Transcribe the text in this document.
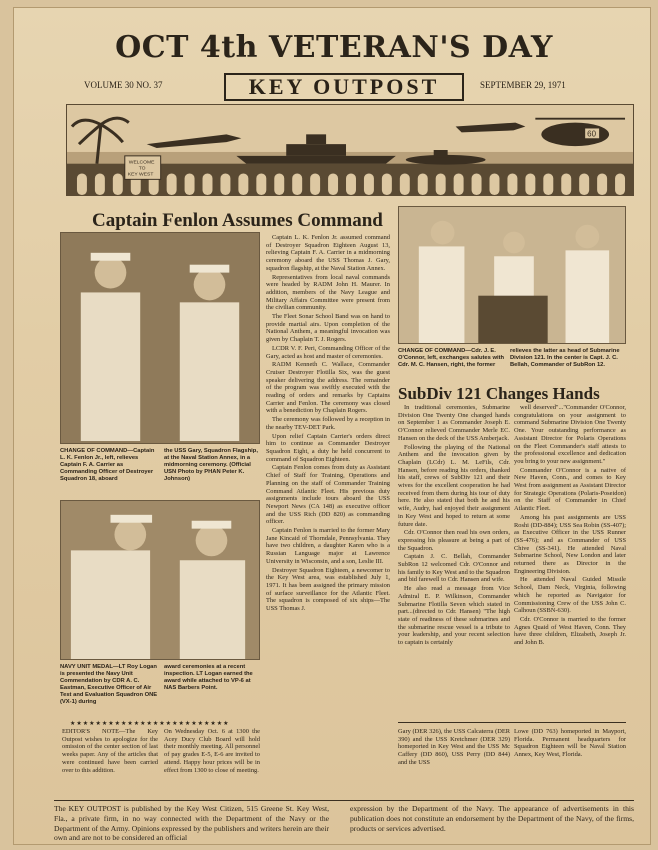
OCT 4th VETERAN'S DAY
VOLUME 30 NO. 37	KEY OUTPOST	SEPTEMBER 29, 1971
60
WELCOME
TO
KEY WEST
Captain Fenlon Assumes Command
CHANGE OF COMMAND—Captain L. K. Fenlon Jr., left, relieves Captain F. A. Carrier as Commanding Officer of Destroyer Squadron 18, aboard
the USS Gary, Squadron Flagship, at the Naval Station Annex, in a midmorning ceremony. (Official USN Photo by PHAN Peter K. Johnson)
NAVY UNIT MEDAL—LT Roy Logan is presented the Navy Unit Commendation by CDR A. C. Eastman, Executive Officer of Air Test and Evaluation Squadron ONE (VX-1) during
award ceremonies at a recent inspection. LT Logan earned the award while attached to VP-6 at NAS Barbers Point.
★★★★★★★★★★★★★★★★★★★★★★★★★
EDITOR'S NOTE—The Key Outpost wishes to apologize for the omission of the center section of last weeks paper. Any of the articles that were continued have been carried over to this addition.
On Wednesday Oct. 6 at 1300 the Acey Ducy Club Board will hold their monthly meeting. All personnel of pay grades E-5, E-6 are invited to attend. Happy hour prices will be in effect from 1300 to close of meeting.

Captain L. K. Fenlon Jr. assumed command of Destroyer Squadron Eighteen August 13, relieving Captain F. A. Carrier in a midmorning ceremony aboard the USS Thomas J. Gary, squadron flagship, at the Naval Station Annex.

Representatives from local naval commands were headed by RADM John H. Maurer. In addition, members of the Navy League and Military Affairs Committee were present from the civilian community.

The Fleet Sonar School Band was on hand to provide martial airs. Upon completion of the National Anthem, a meaningful invocation was given by Chaplain T. J. Rogers.

LCDR V. F. Peri, Commanding Officer of the Gary, acted as host and master of ceremonies.

RADM Kenneth C. Wallace, Commander Cruiser Destroyer Flotilla Six, was the guest speaker delivering the address. The remainder of the program was swiftly executed with the reading of orders and remarks by Captains Carrier and Fenlon. The ceremony was closed with a benediction by Chaplain Rogers.

The ceremony was followed by a reception in the nearby TEV-DET Park.

Upon relief Captain Carrier's orders direct him to continue as Commander Destroyer Squadron Eight, a duty he held concurrent to command of Squadron Eighteen.

Captain Fenlon comes from duty as Assistant Chief of Staff for Training, Operations and Planning on the staff of Commander Training Command Atlantic Fleet. His previous duty assignments include tours aboard the USS Newport News (CA 148) as executive officer and the USS Rich (DD 820) as commanding officer.

Captain Fenlon is married to the former Mary Jane Kincaid of Thorndale, Pennsylvania. They have two children, a daughter Karen who is a Russian Language major at Lawrence University in Wisconsin, and a son, Leslie III.

Destroyer Squadron Eighteen, a newcomer to the Key West area, was established July 1, 1971. It has been assigned the primary mission of surface surveillance for the Atlantic Fleet. The squadron is composed of six ships—The USS Thomas J.

CHANGE OF COMMAND—Cdr. J. E. O'Connor, left, exchanges salutes with Cdr. M. C. Hansen, right, the former
relieves the latter as head of Submarine Division 121. In the center is Capt. J. C. Bellah, Commander of SubRon 12.
SubDiv 121 Changes Hands

In traditional ceremonies, Submarine Division One Twenty One changed hands on September 1 as Commander Joseph E. O'Connor relieved Commander Merle EC. Hansen on the deck of the USS Amberjack.

Following the playing of the National Anthem and the invocation given by Chaplain (LCdr) L. M. LeFils, Cdr. Hansen, before reading his orders, thanked his staff, crews of SubDiv 121 and their wives for the excellent cooperation he had received from them during his tour of duty here. He also stated that both he and his wife, Audry, had enjoyed their assignment in Key West and hoped to return at some future date.

Cdr. O'Connor then read his own orders, expressing his pleasure at being a part of the Squadron.

Captain J. C. Bellah, Commander SubRon 12 welcomed Cdr. O'Connor and his family to Key West and to the Squadron and bid farewell to Cdr. Hansen and wife.

He also read a message from Vice Admiral E. P. Wilkinson, Commander Submarine Flotilla Seven which stated in part...(directed to Cdr. Hansen) "The high state of readiness of these submarines and the submarine rescue vessel is a tribute to your leadership, and your recent selection to captain is certainly

well deserved"..."Commander O'Connor, congratulations on your assignment to command Submarine Division One Twenty One. Your outstanding performance as Assistant Director for Polaris Operations on the Fleet Commander's staff attests to the professional excellence and dedication you bring to your new assignment."

Commander O'Connor is a native of New Haven, Conn., and comes to Key West from assignment as Assistant Director for Strategic Operations (Polaris-Poseidon) on the Staff of Commander in Chief Atlantic Fleet.

Among his past assignments are USS Roshi (DD-884); USS Sea Robin (SS-407); as Executive Officer in the USS Runner (SS-476); and as Commander of USS Chive (SS-341). He attended Naval Submarine School, New London and later returned there as Director in the Engineering Division.

He attended Naval Guided Missile School, Dam Neck, Virginia, following which he reported as Navigator for Commissioning Crew of the USS John C. Calhoun (SSBN-630).

Cdr. O'Connor is married to the former Agnes Quaid of West Haven, Conn. They have three children, Elizabeth, Joseph Jr. and John B.

Gary (DER 326), the USS Calcaterra (DER 390) and the USS Kretchmer (DER 329) homeported in Key West and the USS Mc Caffery (DD 860), USS Perry (DD 844) and the USS
Lowe (DD 763) homeported in Mayport, Florida. Permanent headquarters for Squadron Eighteen will be Naval Station Annex, Key West, Florida.
The KEY OUTPOST is published by the Key West Citizen, 515 Greene St. Key West, Fla., a private firm, in no way connected with the Department of the Navy or the Department of the Army. Opinions expressed by the publishers and writers herein are their own and are not to be considered an official
expression by the Department of the Navy. The appearance of advertisements in this publication does not constitute an endorsement by the Department of the Navy, of the firms, products or services advertised.
